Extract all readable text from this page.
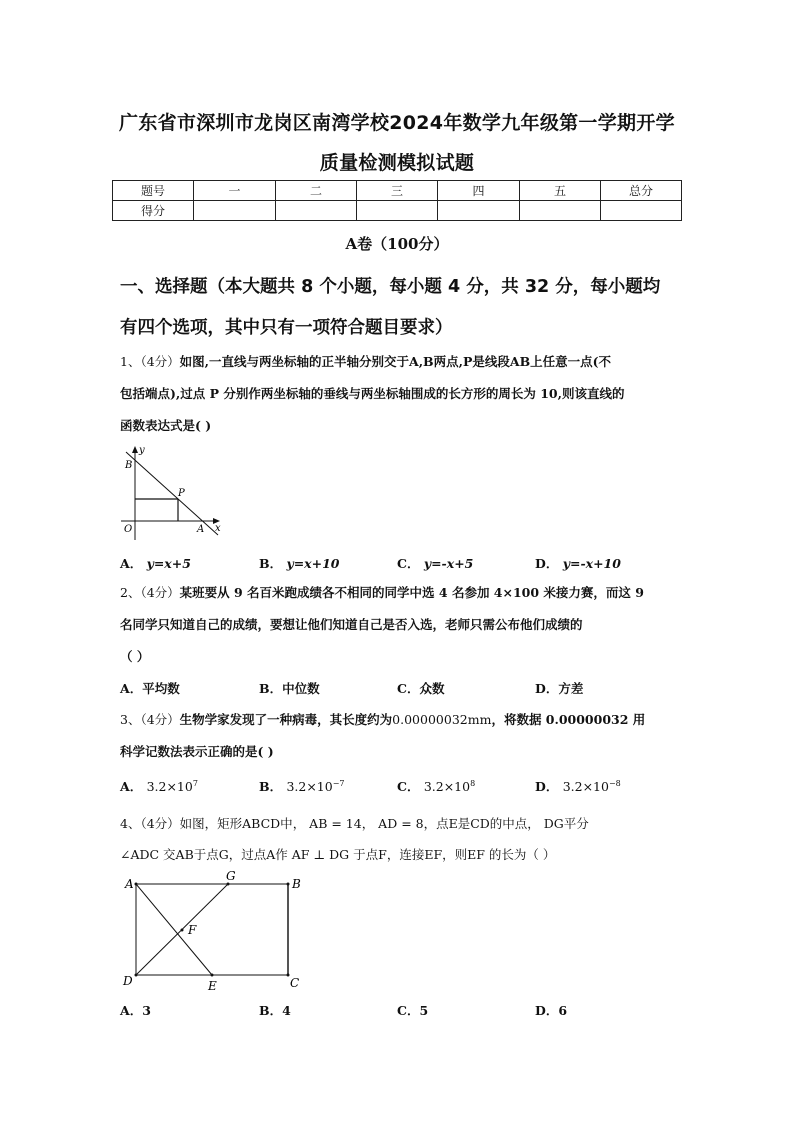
广东省市深圳市龙岗区南湾学校2024年数学九年级第一学期开学
质量检测模拟试题
题号	一	二	三	四	五	总分
得分						
A卷（100分）
一、选择题（本大题共 8 个小题，每小题 4 分，共 32 分，每小题均
有四个选项，其中只有一项符合题目要求）
1、（4分）如图,一直线与两坐标轴的正半轴分别交于A,B两点,P是线段AB上任意一点(不
包括端点),过点 P 分别作两坐标轴的垂线与两坐标轴围成的长方形的周长为 10,则该直线的
函数表达式是( )
y
B
P
O	A x
A． y=x+5	B． y=x+10	C． y=-x+5	D． y=-x+10
2、（4分）某班要从 9 名百米跑成绩各不相同的同学中选 4 名参加 4×100 米接力赛，而这 9
名同学只知道自己的成绩，要想让他们知道自己是否入选，老师只需公布他们成绩的
（ ）
A．平均数	B．中位数	C．众数	D．方差
3、（4分）生物学家发现了一种病毒，其长度约为0.00000032mm，将数据 0.00000032 用
科学记数法表示正确的是( )
A． $3.2\times 10^7$	B． $3.2\times 10^{-7}$	C． $3.2\times 10^8$	D． $3.2\times 10^{-8}$
4、（4分）如图，矩形ABCD中， AB = 14， AD = 8，点E是CD的中点， DG平分
∠ADC 交AB于点G，过点A作 AF ⊥ DG 于点F，连接EF，则EF 的长为（ ）
A
G
B
F
D	E	C
A．3	B．4	C．5	D．6
